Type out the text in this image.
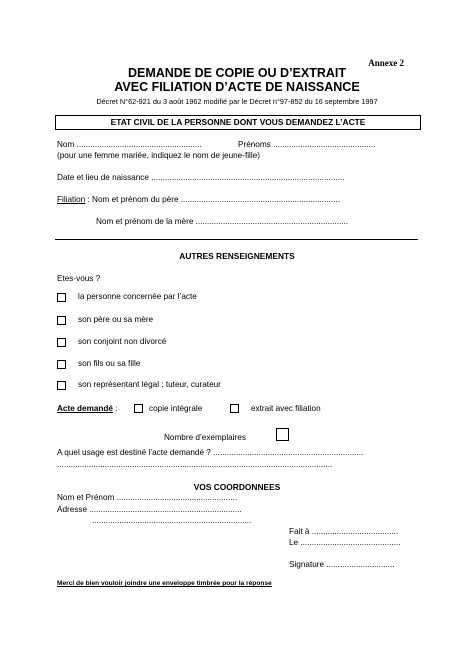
Annexe 2
DEMANDE DE COPIE OU D’EXTRAIT
AVEC FILIATION D’ACTE DE NAISSANCE
Décret N°62-921 du 3 août 1962 modifié par le Décret n°97-852 du 16 septembre 1997
ETAT CIVIL DE LA PERSONNE DONT VOUS DEMANDEZ L’ACTE
Nom .......................................................	Prénoms .............................................
(pour une femme mariée, indiquez le nom de jeune-fille)
Date et lieu de naissance .....................................................................................
Filiation : Nom et prénom du père ......................................................................
Nom et prénom de la mère ...................................................................
AUTRES RENSEIGNEMENTS
Etes-vous ?
la personne concernée par l’acte
son père ou sa mère
son conjoint non divorcé
son fils ou sa fille
son représentant légal : tuteur, curateur
Acte demandé :	copie intégrale	extrait avec filiation
Nombre d’exemplaires
A quel usage est destiné l’acte demandé ? ..................................................................
.........................................................................................................................
VOS COORDONNEES
Nom et Prénom .....................................................
Adresse ...................................................................
......................................................................
Fait à ......................................
Le ............................................
Signature ..............................
Merci de bien vouloir joindre une enveloppe timbrée pour la réponse
